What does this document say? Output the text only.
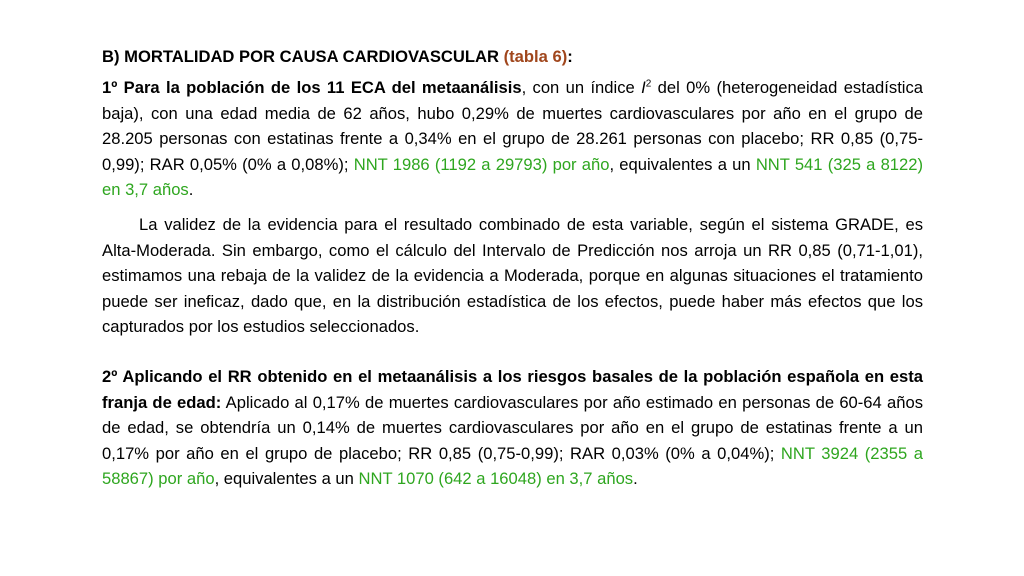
B) MORTALIDAD POR CAUSA CARDIOVASCULAR (tabla 6):

1º Para la población de los 11 ECA del metaanálisis, con un índice $I^2$ del 0% (heterogeneidad estadística baja), con una edad media de 62 años, hubo 0,29% de muertes cardiovasculares por año en el grupo de 28.205 personas con estatinas frente a 0,34% en el grupo de 28.261 personas con placebo; RR 0,85 (0,75-0,99); RAR 0,05% (0% a 0,08%); NNT 1986 (1192 a 29793) por año, equivalentes a un NNT 541 (325 a 8122) en 3,7 años.

La validez de la evidencia para el resultado combinado de esta variable, según el sistema GRADE, es Alta-Moderada. Sin embargo, como el cálculo del Intervalo de Predicción nos arroja un RR 0,85 (0,71-1,01), estimamos una rebaja de la validez de la evidencia a Moderada, porque en algunas situaciones el tratamiento puede ser ineficaz, dado que, en la distribución estadística de los efectos, puede haber más efectos que los capturados por los estudios seleccionados.

2º Aplicando el RR obtenido en el metaanálisis a los riesgos basales de la población española en esta franja de edad: Aplicado al 0,17% de muertes cardiovasculares por año estimado en personas de 60-64 años de edad, se obtendría un 0,14% de muertes cardiovasculares por año en el grupo de estatinas frente a un 0,17% por año en el grupo de placebo; RR 0,85 (0,75-0,99); RAR 0,03% (0% a 0,04%); NNT 3924 (2355 a 58867) por año, equivalentes a un NNT 1070 (642 a 16048) en 3,7 años.
